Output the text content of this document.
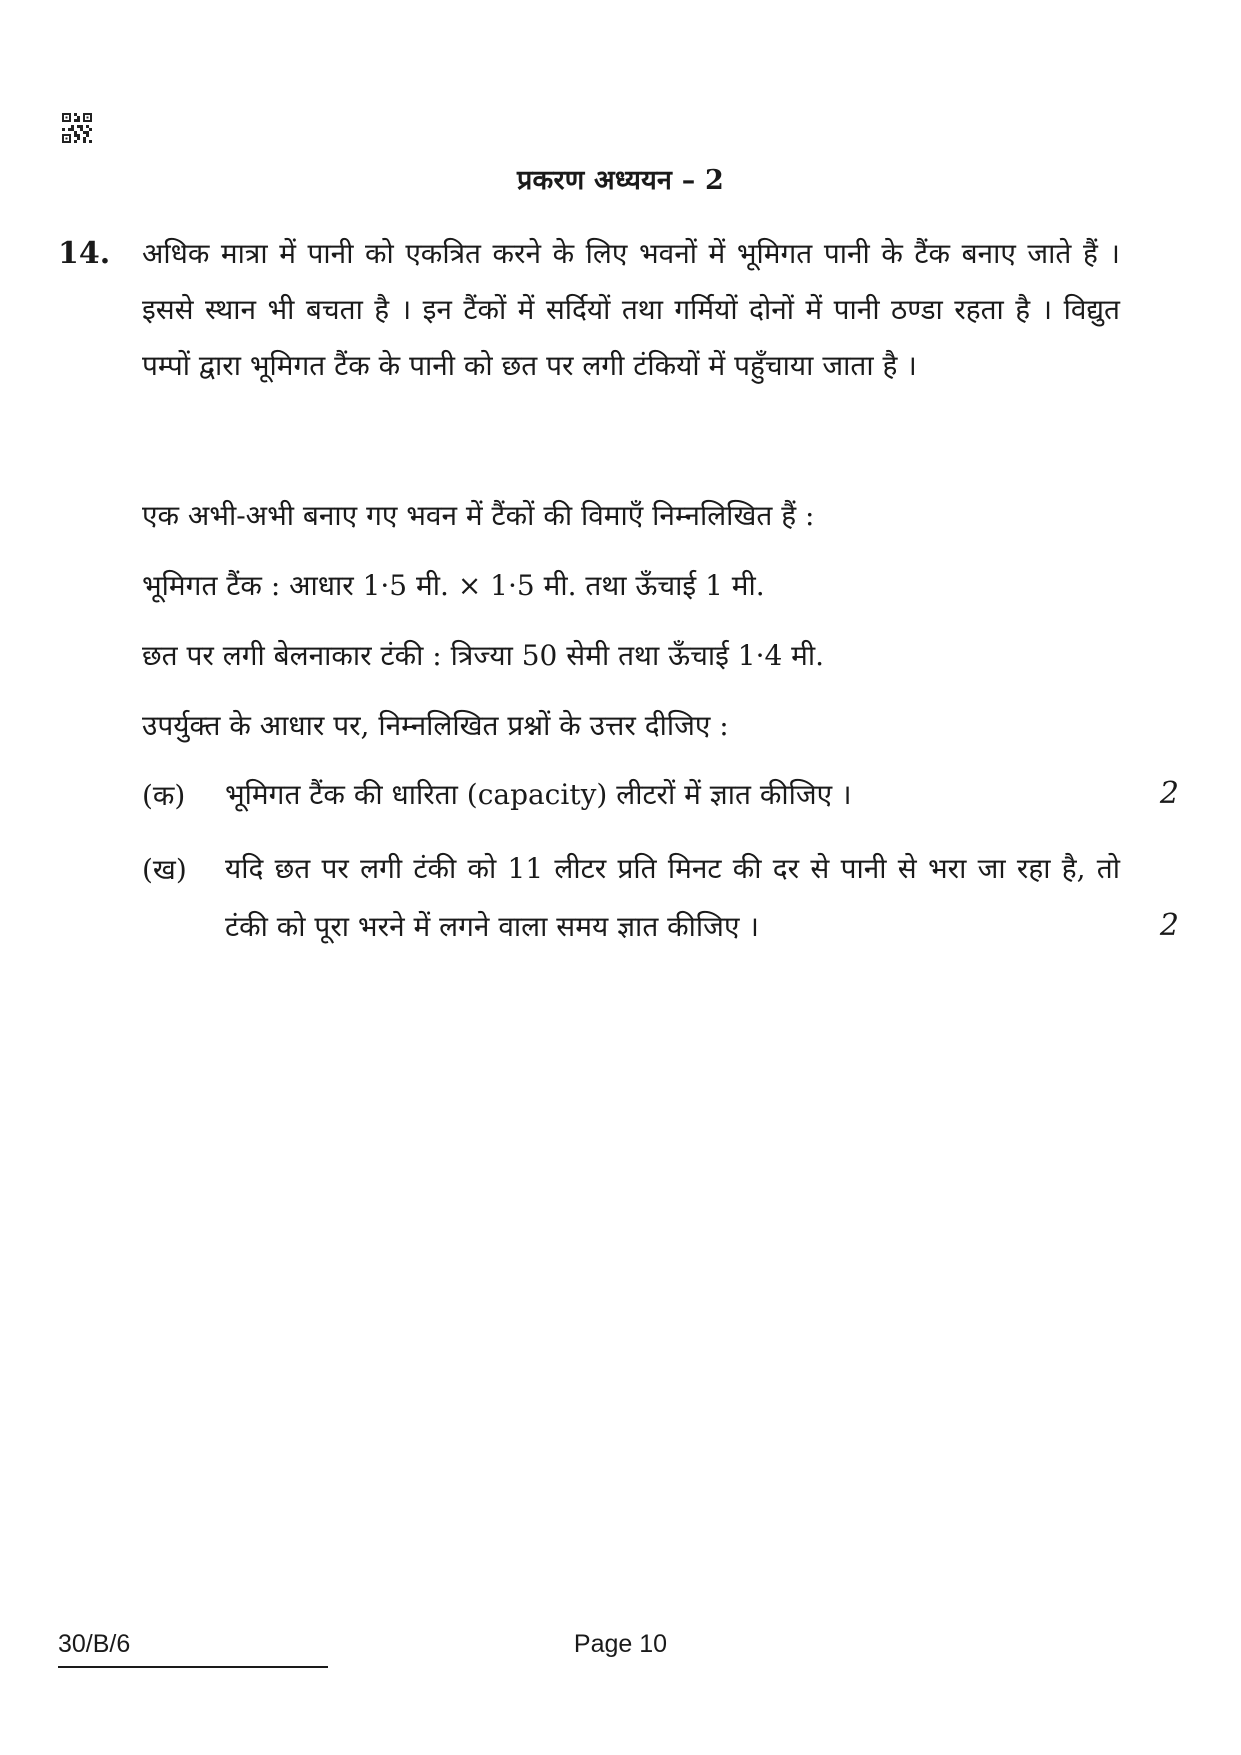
प्रकरण अध्ययन – 2
14. अधिक मात्रा में पानी को एकत्रित करने के लिए भवनों में भूमिगत पानी के टैंक बनाए जाते हैं । इससे स्थान भी बचता है । इन टैंकों में सर्दियों तथा गर्मियों दोनों में पानी ठण्डा रहता है । विद्युत पम्पों द्वारा भूमिगत टैंक के पानी को छत पर लगी टंकियों में पहुँचाया जाता है ।
एक अभी-अभी बनाए गए भवन में टैंकों की विमाएँ निम्नलिखित हैं :
भूमिगत टैंक : आधार 1·5 मी. × 1·5 मी. तथा ऊँचाई 1 मी.
छत पर लगी बेलनाकार टंकी : त्रिज्या 50 सेमी तथा ऊँचाई 1·4 मी.
उपर्युक्त के आधार पर, निम्नलिखित प्रश्नों के उत्तर दीजिए :
(क) भूमिगत टैंक की धारिता (capacity) लीटरों में ज्ञात कीजिए ।	2
(ख) यदि छत पर लगी टंकी को 11 लीटर प्रति मिनट की दर से पानी से भरा जा रहा है, तो टंकी को पूरा भरने में लगने वाला समय ज्ञात कीजिए ।	2
30/B/6	Page 10
